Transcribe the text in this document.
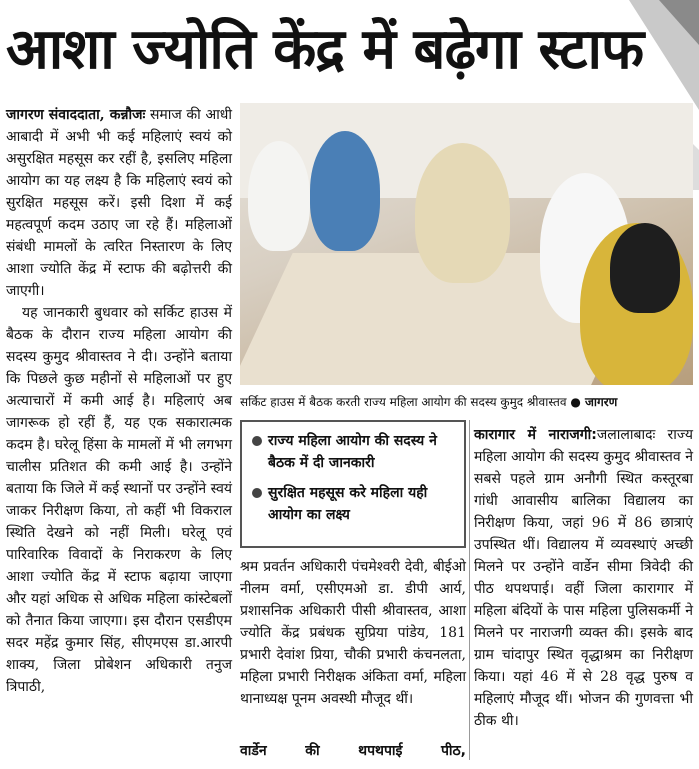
आशा ज्योति केंद्र में बढ़ेगा स्टाफ

जागरण संवाददाता, कन्नौजः समाज की आधी आबादी में अभी भी कई महिलाएं स्वयं को असुरक्षित महसूस कर रहीं है, इसलिए महिला आयोग का यह लक्ष्य है कि महिलाएं स्वयं को सुरक्षित महसूस करें। इसी दिशा में कई महत्वपूर्ण कदम उठाए जा रहे हैं। महिलाओं संबंधी मामलों के त्वरित निस्तारण के लिए आशा ज्योति केंद्र में स्टाफ की बढ़ोत्तरी की जाएगी।

यह जानकारी बुधवार को सर्किट हाउस में बैठक के दौरान राज्य महिला आयोग की सदस्य कुमुद श्रीवास्तव ने दी। उन्होंने बताया कि पिछले कुछ महीनों से महिलाओं पर हुए अत्याचारों में कमी आई है। महिलाएं अब जागरूक हो रहीं हैं, यह एक सकारात्मक कदम है। घरेलू हिंसा के मामलों में भी लगभग चालीस प्रतिशत की कमी आई है। उन्होंने बताया कि जिले में कई स्थानों पर उन्होंने स्वयं जाकर निरीक्षण किया, तो कहीं भी विकराल स्थिति देखने को नहीं मिली। घरेलू एवं पारिवारिक विवादों के निराकरण के लिए आशा ज्योति केंद्र में स्टाफ बढ़ाया जाएगा और यहां अधिक से अधिक महिला कांस्टेबलों को तैनात किया जाएगा। इस दौरान एसडीएम सदर महेंद्र कुमार सिंह, सीएमएस डा.आरपी शाक्य, जिला प्रोबेशन अधिकारी तनुज त्रिपाठी,

सर्किट हाउस में बैठक करती राज्य महिला आयोग की सदस्य कुमुद श्रीवास्तव ● जागरण
राज्य महिला आयोग की सदस्य ने बैठक में दी जानकारी
सुरक्षित महसूस करे महिला यही आयोग का लक्ष्य

श्रम प्रवर्तन अधिकारी पंचमेश्वरी देवी, बीईओ नीलम वर्मा, एसीएमओ डा. डीपी आर्य, प्रशासनिक अधिकारी पीसी श्रीवास्तव, आशा ज्योति केंद्र प्रबंधक सुप्रिया पांडेय, 181 प्रभारी देवांश प्रिया, चौकी प्रभारी कंचनलता, महिला प्रभारी निरीक्षक अंकिता वर्मा, महिला थानाध्यक्ष पूनम अवस्थी मौजूद थीं।

वार्डेन की थपथपाई पीठ,

कारागार में नाराजगी:जलालाबादः राज्य महिला आयोग की सदस्य कुमुद श्रीवास्तव ने सबसे पहले ग्राम अनौगी स्थित कस्तूरबा गांधी आवासीय बालिका विद्यालय का निरीक्षण किया, जहां 96 में 86 छात्राएं उपस्थित थीं। विद्यालय में व्यवस्थाएं अच्छी मिलने पर उन्होंने वार्डेन सीमा त्रिवेदी की पीठ थपथपाई। वहीं जिला कारागार में महिला बंदियों के पास महिला पुलिसकर्मी ने मिलने पर नाराजगी व्यक्त की। इसके बाद ग्राम चांदापुर स्थित वृद्धाश्रम का निरीक्षण किया। यहां 46 में से 28 वृद्ध पुरुष व महिलाएं मौजूद थीं। भोजन की गुणवत्ता भी ठीक थी।
